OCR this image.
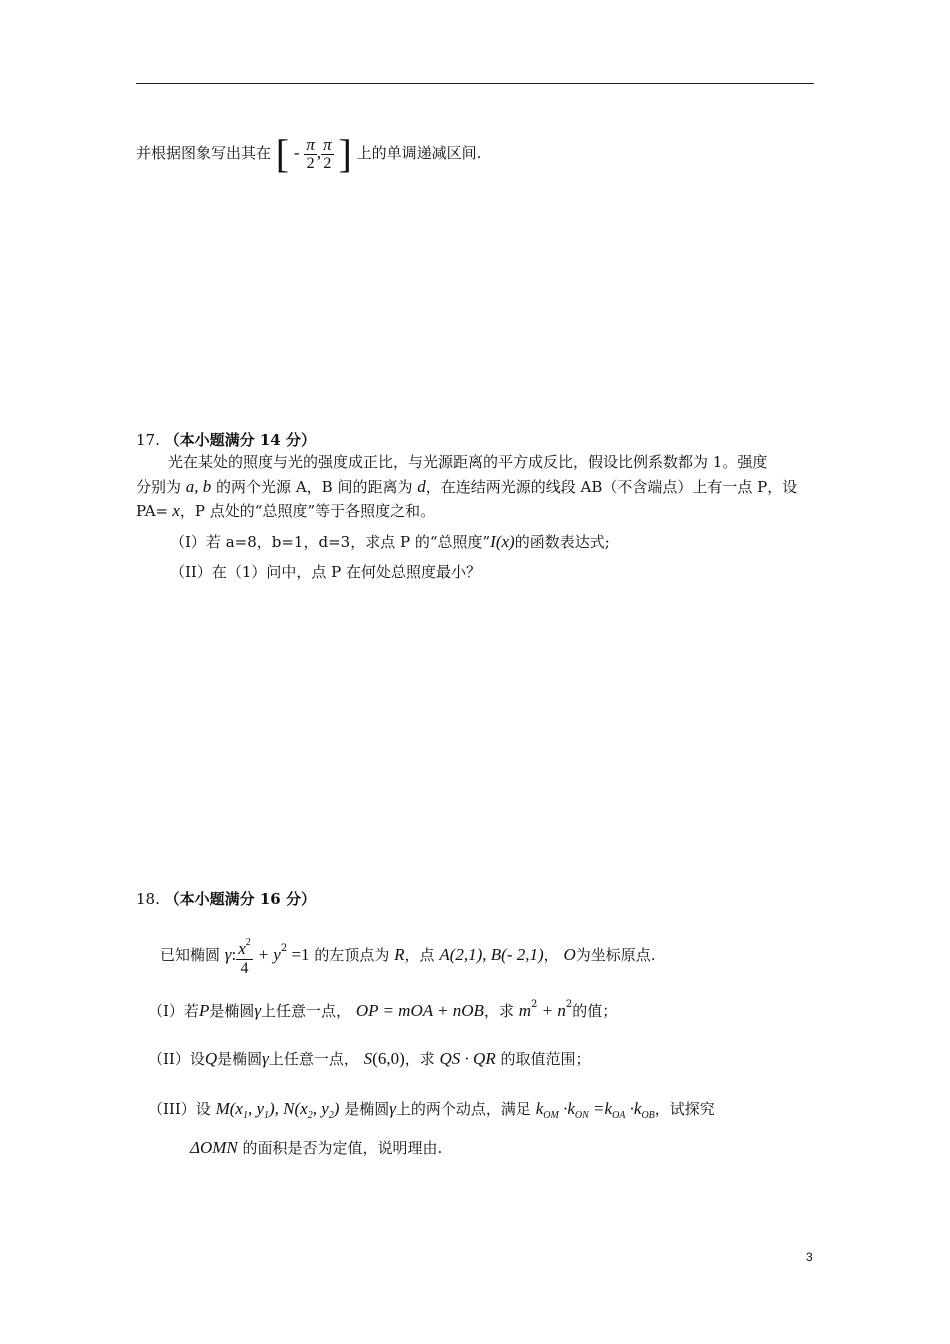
并根据图象写出其在 [ - $\frac{\pi}{2}$ , $\frac{\pi}{2}$ ] 上的单调递减区间.
17. （本小题满分 14 分）
光在某处的照度与光的强度成正比，与光源距离的平方成反比，假设比例系数都为 1。强度
分别为 a, b 的两个光源 A，B 间的距离为 d，在连结两光源的线段 AB（不含端点）上有一点 P，设
PA= x，P 点处的“总照度”等于各照度之和。
（I）若 a=8，b=1，d=3，求点 P 的“总照度”I(x)的函数表达式;
（II）在（1）问中，点 P 在何处总照度最小？
18. （本小题满分 16 分）
已知椭圆 γ: $\frac{x^2}{4} + y^2 =1$ 的左顶点为 R，点 A(2,1), B(- 2,1)， O为坐标原点.
（I）若P是椭圆γ上任意一点， OP = mOA + nOB，求 $m^2 + n^2$的值；
（II）设Q是椭圆γ上任意一点， S(6,0)，求 QS · QR 的取值范围；
（III）设 $M(x_1$, $y_1$), $N(x_2$, $y_2$) 是椭圆γ上的两个动点，满足 $k_{OM} \cdot k_{ON} =k_{OA} \cdot k_{OB}$，试探究
ΔOMN 的面积是否为定值，说明理由.
3
